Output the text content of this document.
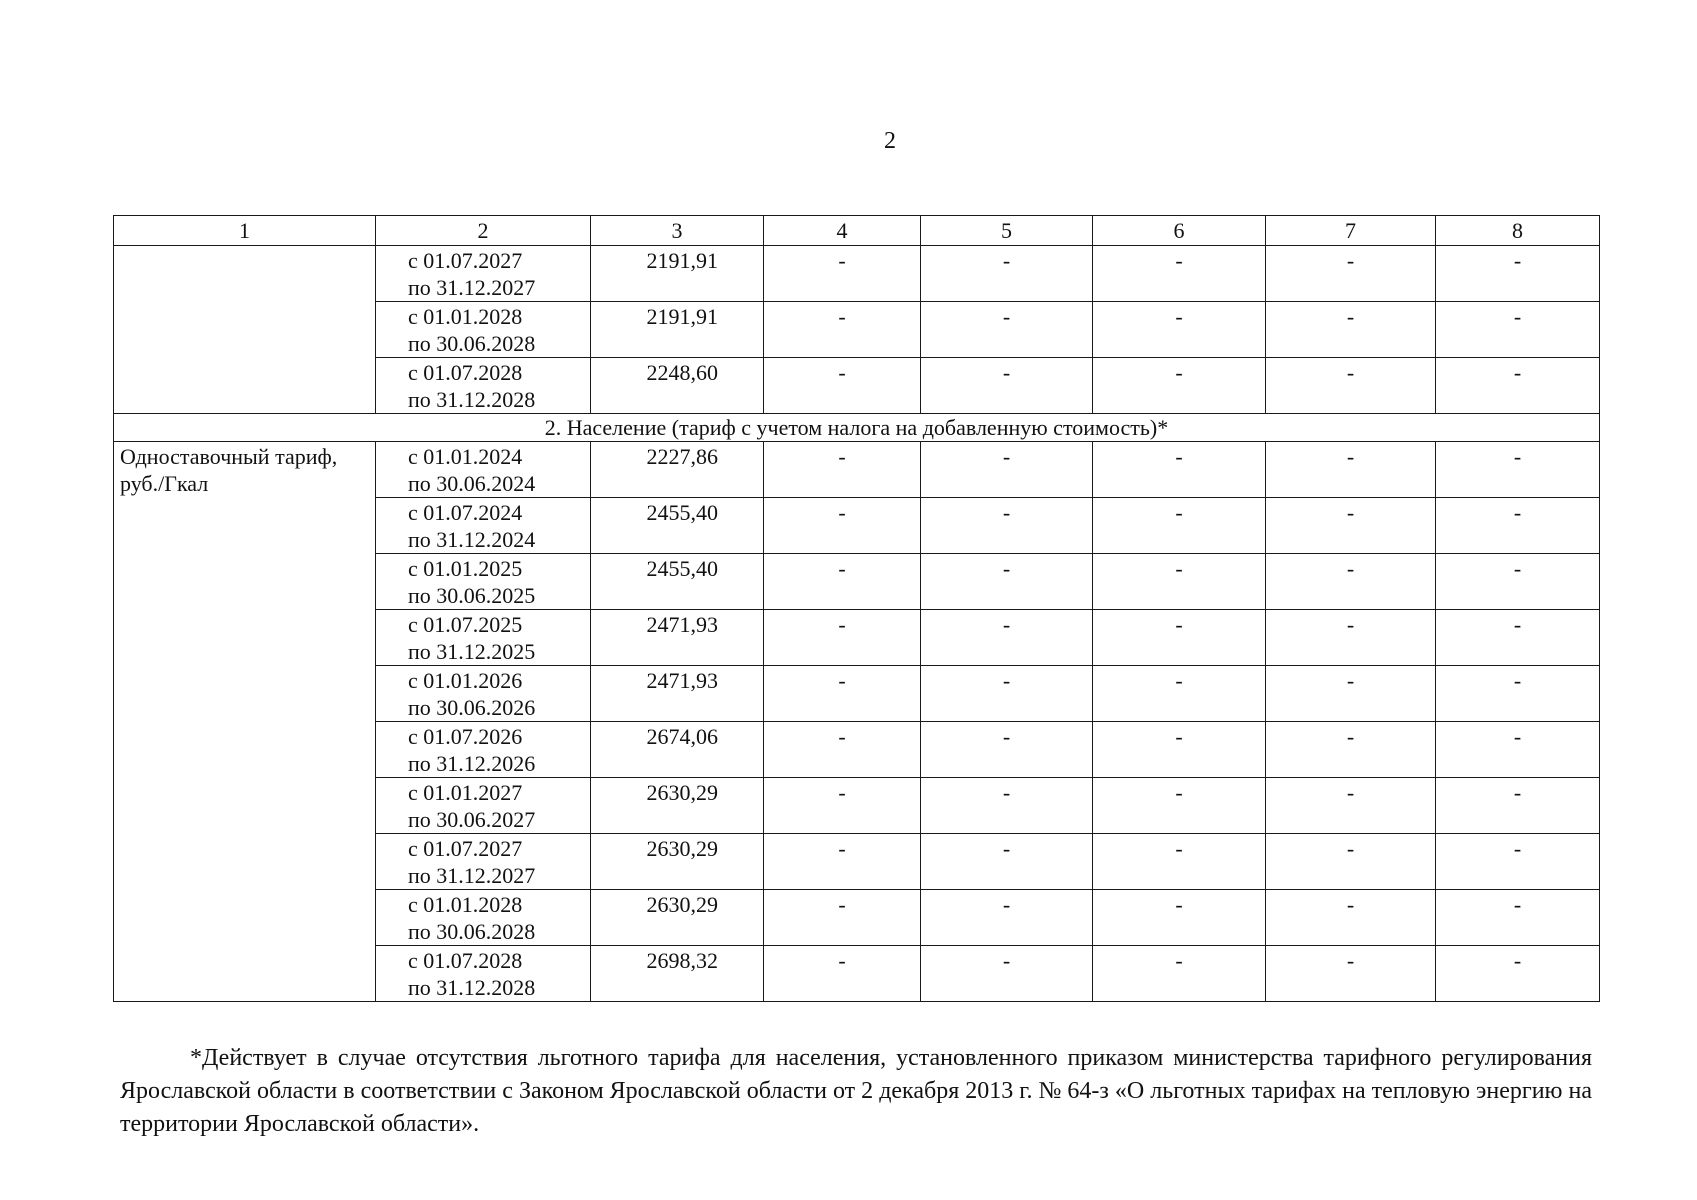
2
1	2	3	4	5	6	7	8

	с 01.07.2027
по 31.12.2027	2191,91	-	-	-	-	-

	с 01.01.2028
по 30.06.2028	2191,91	-	-	-	-	-

	с 01.07.2028
по 31.12.2028	2248,60	-	-	-	-	-
2. Население (тариф с учетом налога на добавленную стоимость)*							
Одноставочный тариф, руб./Гкал	с 01.01.2024
по 30.06.2024	2227,86	-	-	-	-	-

	с 01.07.2024
по 31.12.2024	2455,40	-	-	-	-	-

	с 01.01.2025
по 30.06.2025	2455,40	-	-	-	-	-

	с 01.07.2025
по 31.12.2025	2471,93	-	-	-	-	-

	с 01.01.2026
по 30.06.2026	2471,93	-	-	-	-	-

	с 01.07.2026
по 31.12.2026	2674,06	-	-	-	-	-

	с 01.01.2027
по 30.06.2027	2630,29	-	-	-	-	-

	с 01.07.2027
по 31.12.2027	2630,29	-	-	-	-	-

	с 01.01.2028
по 30.06.2028	2630,29	-	-	-	-	-

	с 01.07.2028
по 31.12.2028	2698,32	-	-	-	-	-
*Действует в случае отсутствия льготного тарифа для населения, установленного приказом министерства тарифного регулирования Ярославской области в соответствии с Законом Ярославской области от 2 декабря 2013 г. № 64-з «О льготных тарифах на тепловую энергию на территории Ярославской области».
